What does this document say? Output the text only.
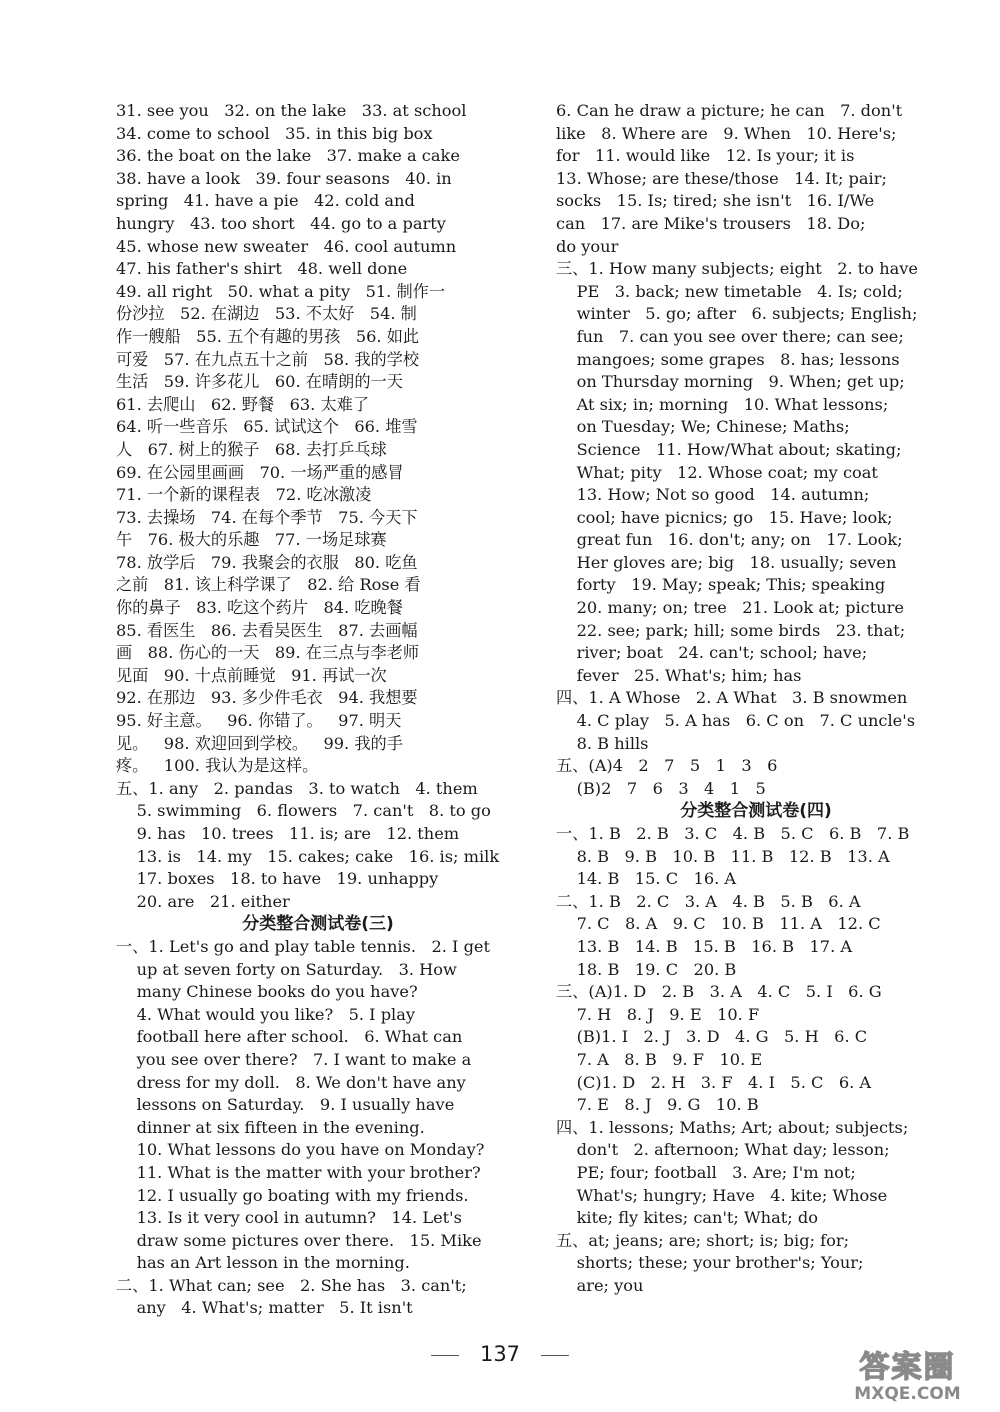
31. see you   32. on the lake   33. at school
34. come to school   35. in this big box
36. the boat on the lake   37. make a cake
38. have a look   39. four seasons   40. in
spring   41. have a pie   42. cold and
hungry   43. too short   44. go to a party
45. whose new sweater   46. cool autumn
47. his father's shirt   48. well done
49. all right   50. what a pity   51. 制作一
份沙拉   52. 在湖边   53. 不太好   54. 制
作一艘船   55. 五个有趣的男孩   56. 如此
可爱   57. 在九点五十之前   58. 我的学校
生活   59. 许多花儿   60. 在晴朗的一天
61. 去爬山   62. 野餐   63. 太难了
64. 听一些音乐   65. 试试这个   66. 堆雪
人   67. 树上的猴子   68. 去打乒乓球
69. 在公园里画画   70. 一场严重的感冒
71. 一个新的课程表   72. 吃冰激凌
73. 去操场   74. 在每个季节   75. 今天下
午   76. 极大的乐趣   77. 一场足球赛
78. 放学后   79. 我聚会的衣服   80. 吃鱼
之前   81. 该上科学课了   82. 给 Rose 看
你的鼻子   83. 吃这个药片   84. 吃晚餐
85. 看医生   86. 去看吴医生   87. 去画幅
画   88. 伤心的一天   89. 在三点与李老师
见面   90. 十点前睡觉   91. 再试一次
92. 在那边   93. 多少件毛衣   94. 我想要
95. 好主意。   96. 你错了。   97. 明天
见。   98. 欢迎回到学校。   99. 我的手
疼。   100. 我认为是这样。
五、1. any   2. pandas   3. to watch   4. them
5. swimming   6. flowers   7. can't   8. to go
9. has   10. trees   11. is; are   12. them
13. is   14. my   15. cakes; cake   16. is; milk
17. boxes   18. to have   19. unhappy
20. are   21. either
分类整合测试卷(三)
一、1. Let's go and play table tennis.   2. I get
up at seven forty on Saturday.   3. How
many Chinese books do you have?
4. What would you like?   5. I play
football here after school.   6. What can
you see over there?   7. I want to make a
dress for my doll.   8. We don't have any
lessons on Saturday.   9. I usually have
dinner at six fifteen in the evening.
10. What lessons do you have on Monday?
11. What is the matter with your brother?
12. I usually go boating with my friends.
13. Is it very cool in autumn?   14. Let's
draw some pictures over there.   15. Mike
has an Art lesson in the morning.
二、1. What can; see   2. She has   3. can't;
any   4. What's; matter   5. It isn't
6. Can he draw a picture; he can   7. don't
like   8. Where are   9. When   10. Here's;
for   11. would like   12. Is your; it is
13. Whose; are these/those   14. It; pair;
socks   15. Is; tired; she isn't   16. I/We
can   17. are Mike's trousers   18. Do;
do your
三、1. How many subjects; eight   2. to have
PE   3. back; new timetable   4. Is; cold;
winter   5. go; after   6. subjects; English;
fun   7. can you see over there; can see;
mangoes; some grapes   8. has; lessons
on Thursday morning   9. When; get up;
At six; in; morning   10. What lessons;
on Tuesday; We; Chinese; Maths;
Science   11. How/What about; skating;
What; pity   12. Whose coat; my coat
13. How; Not so good   14. autumn;
cool; have picnics; go   15. Have; look;
great fun   16. don't; any; on   17. Look;
Her gloves are; big   18. usually; seven
forty   19. May; speak; This; speaking
20. many; on; tree   21. Look at; picture
22. see; park; hill; some birds   23. that;
river; boat   24. can't; school; have;
fever   25. What's; him; has
四、1. A Whose   2. A What   3. B snowmen
4. C play   5. A has   6. C on   7. C uncle's
8. B hills
五、(A)4   2   7   5   1   3   6
(B)2   7   6   3   4   1   5
分类整合测试卷(四)
一、1. B   2. B   3. C   4. B   5. C   6. B   7. B
8. B   9. B   10. B   11. B   12. B   13. A
14. B   15. C   16. A
二、1. B   2. C   3. A   4. B   5. B   6. A
7. C   8. A   9. C   10. B   11. A   12. C
13. B   14. B   15. B   16. B   17. A
18. B   19. C   20. B
三、(A)1. D   2. B   3. A   4. C   5. I   6. G
7. H   8. J   9. E   10. F
(B)1. I   2. J   3. D   4. G   5. H   6. C
7. A   8. B   9. F   10. E
(C)1. D   2. H   3. F   4. I   5. C   6. A
7. E   8. J   9. G   10. B
四、1. lessons; Maths; Art; about; subjects;
don't   2. afternoon; What day; lesson;
PE; four; football   3. Are; I'm not;
What's; hungry; Have   4. kite; Whose
kite; fly kites; can't; What; do
五、at; jeans; are; short; is; big; for;
shorts; these; your brother's; Your;
are; you
137	答案圈
MXQE.COM
